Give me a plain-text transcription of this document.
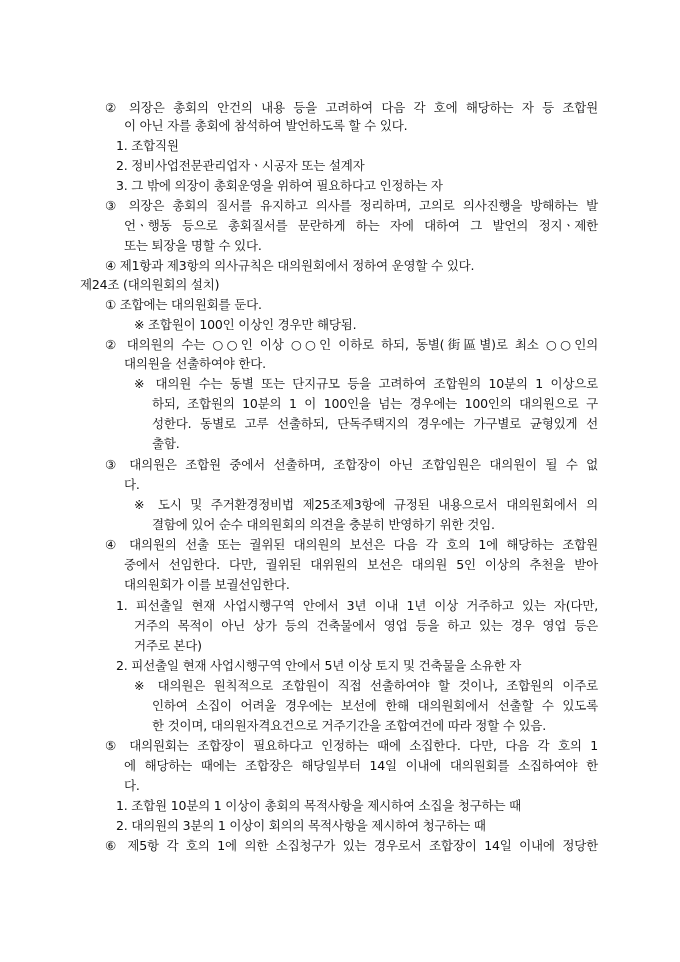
② 의장은 총회의 안건의 내용 등을 고려하여 다음 각 호에 해당하는 자 등 조합원
이 아닌 자를 총회에 참석하여 발언하도록 할 수 있다.
1. 조합직원
2. 정비사업전문관리업자ㆍ시공자 또는 설계자
3. 그 밖에 의장이 총회운영을 위하여 필요하다고 인정하는 자
③ 의장은 총회의 질서를 유지하고 의사를 정리하며, 고의로 의사진행을 방해하는 발
언ㆍ행동 등으로 총회질서를 문란하게 하는 자에 대하여 그 발언의 정지ㆍ제한
또는 퇴장을 명할 수 있다.
④ 제1항과 제3항의 의사규칙은 대의원회에서 정하여 운영할 수 있다.
제24조 (대의원회의 설치)
① 조합에는 대의원회를 둔다.
※ 조합원이 100인 이상인 경우만 해당됨.
② 대의원의 수는 ○○인 이상 ○○인 이하로 하되, 동별(街區별)로 최소 ○○인의
대의원을 선출하여야 한다.
※ 대의원 수는 동별 또는 단지규모 등을 고려하여 조합원의 10분의 1 이상으로
하되, 조합원의 10분의 1 이 100인을 넘는 경우에는 100인의 대의원으로 구
성한다. 동별로 고루 선출하되, 단독주택지의 경우에는 가구별로 균형있게 선
출함.
③ 대의원은 조합원 중에서 선출하며, 조합장이 아닌 조합임원은 대의원이 될 수 없
다.
※ 도시 및 주거환경정비법 제25조제3항에 규정된 내용으로서 대의원회에서 의
결함에 있어 순수 대의원회의 의견을 충분히 반영하기 위한 것임.
④ 대의원의 선출 또는 궐위된 대의원의 보선은 다음 각 호의 1에 해당하는 조합원
중에서 선임한다. 다만, 궐위된 대위원의 보선은 대의원 5인 이상의 추천을 받아
대의원회가 이를 보궐선임한다.
1. 피선출일 현재 사업시행구역 안에서 3년 이내 1년 이상 거주하고 있는 자(다만,
거주의 목적이 아닌 상가 등의 건축물에서 영업 등을 하고 있는 경우 영업 등은
거주로 본다)
2. 피선출일 현재 사업시행구역 안에서 5년 이상 토지 및 건축물을 소유한 자
※ 대의원은 원칙적으로 조합원이 직접 선출하여야 할 것이나, 조합원의 이주로
인하여 소집이 어려울 경우에는 보선에 한해 대의원회에서 선출할 수 있도록
한 것이며, 대의원자격요건으로 거주기간을 조합여건에 따라 정할 수 있음.
⑤ 대의원회는 조합장이 필요하다고 인정하는 때에 소집한다. 다만, 다음 각 호의 1
에 해당하는 때에는 조합장은 해당일부터 14일 이내에 대의원회를 소집하여야 한
다.
1. 조합원 10분의 1 이상이 총회의 목적사항을 제시하여 소집을 청구하는 때
2. 대의원의 3분의 1 이상이 회의의 목적사항을 제시하여 청구하는 때
⑥ 제5항 각 호의 1에 의한 소집청구가 있는 경우로서 조합장이 14일 이내에 정당한
